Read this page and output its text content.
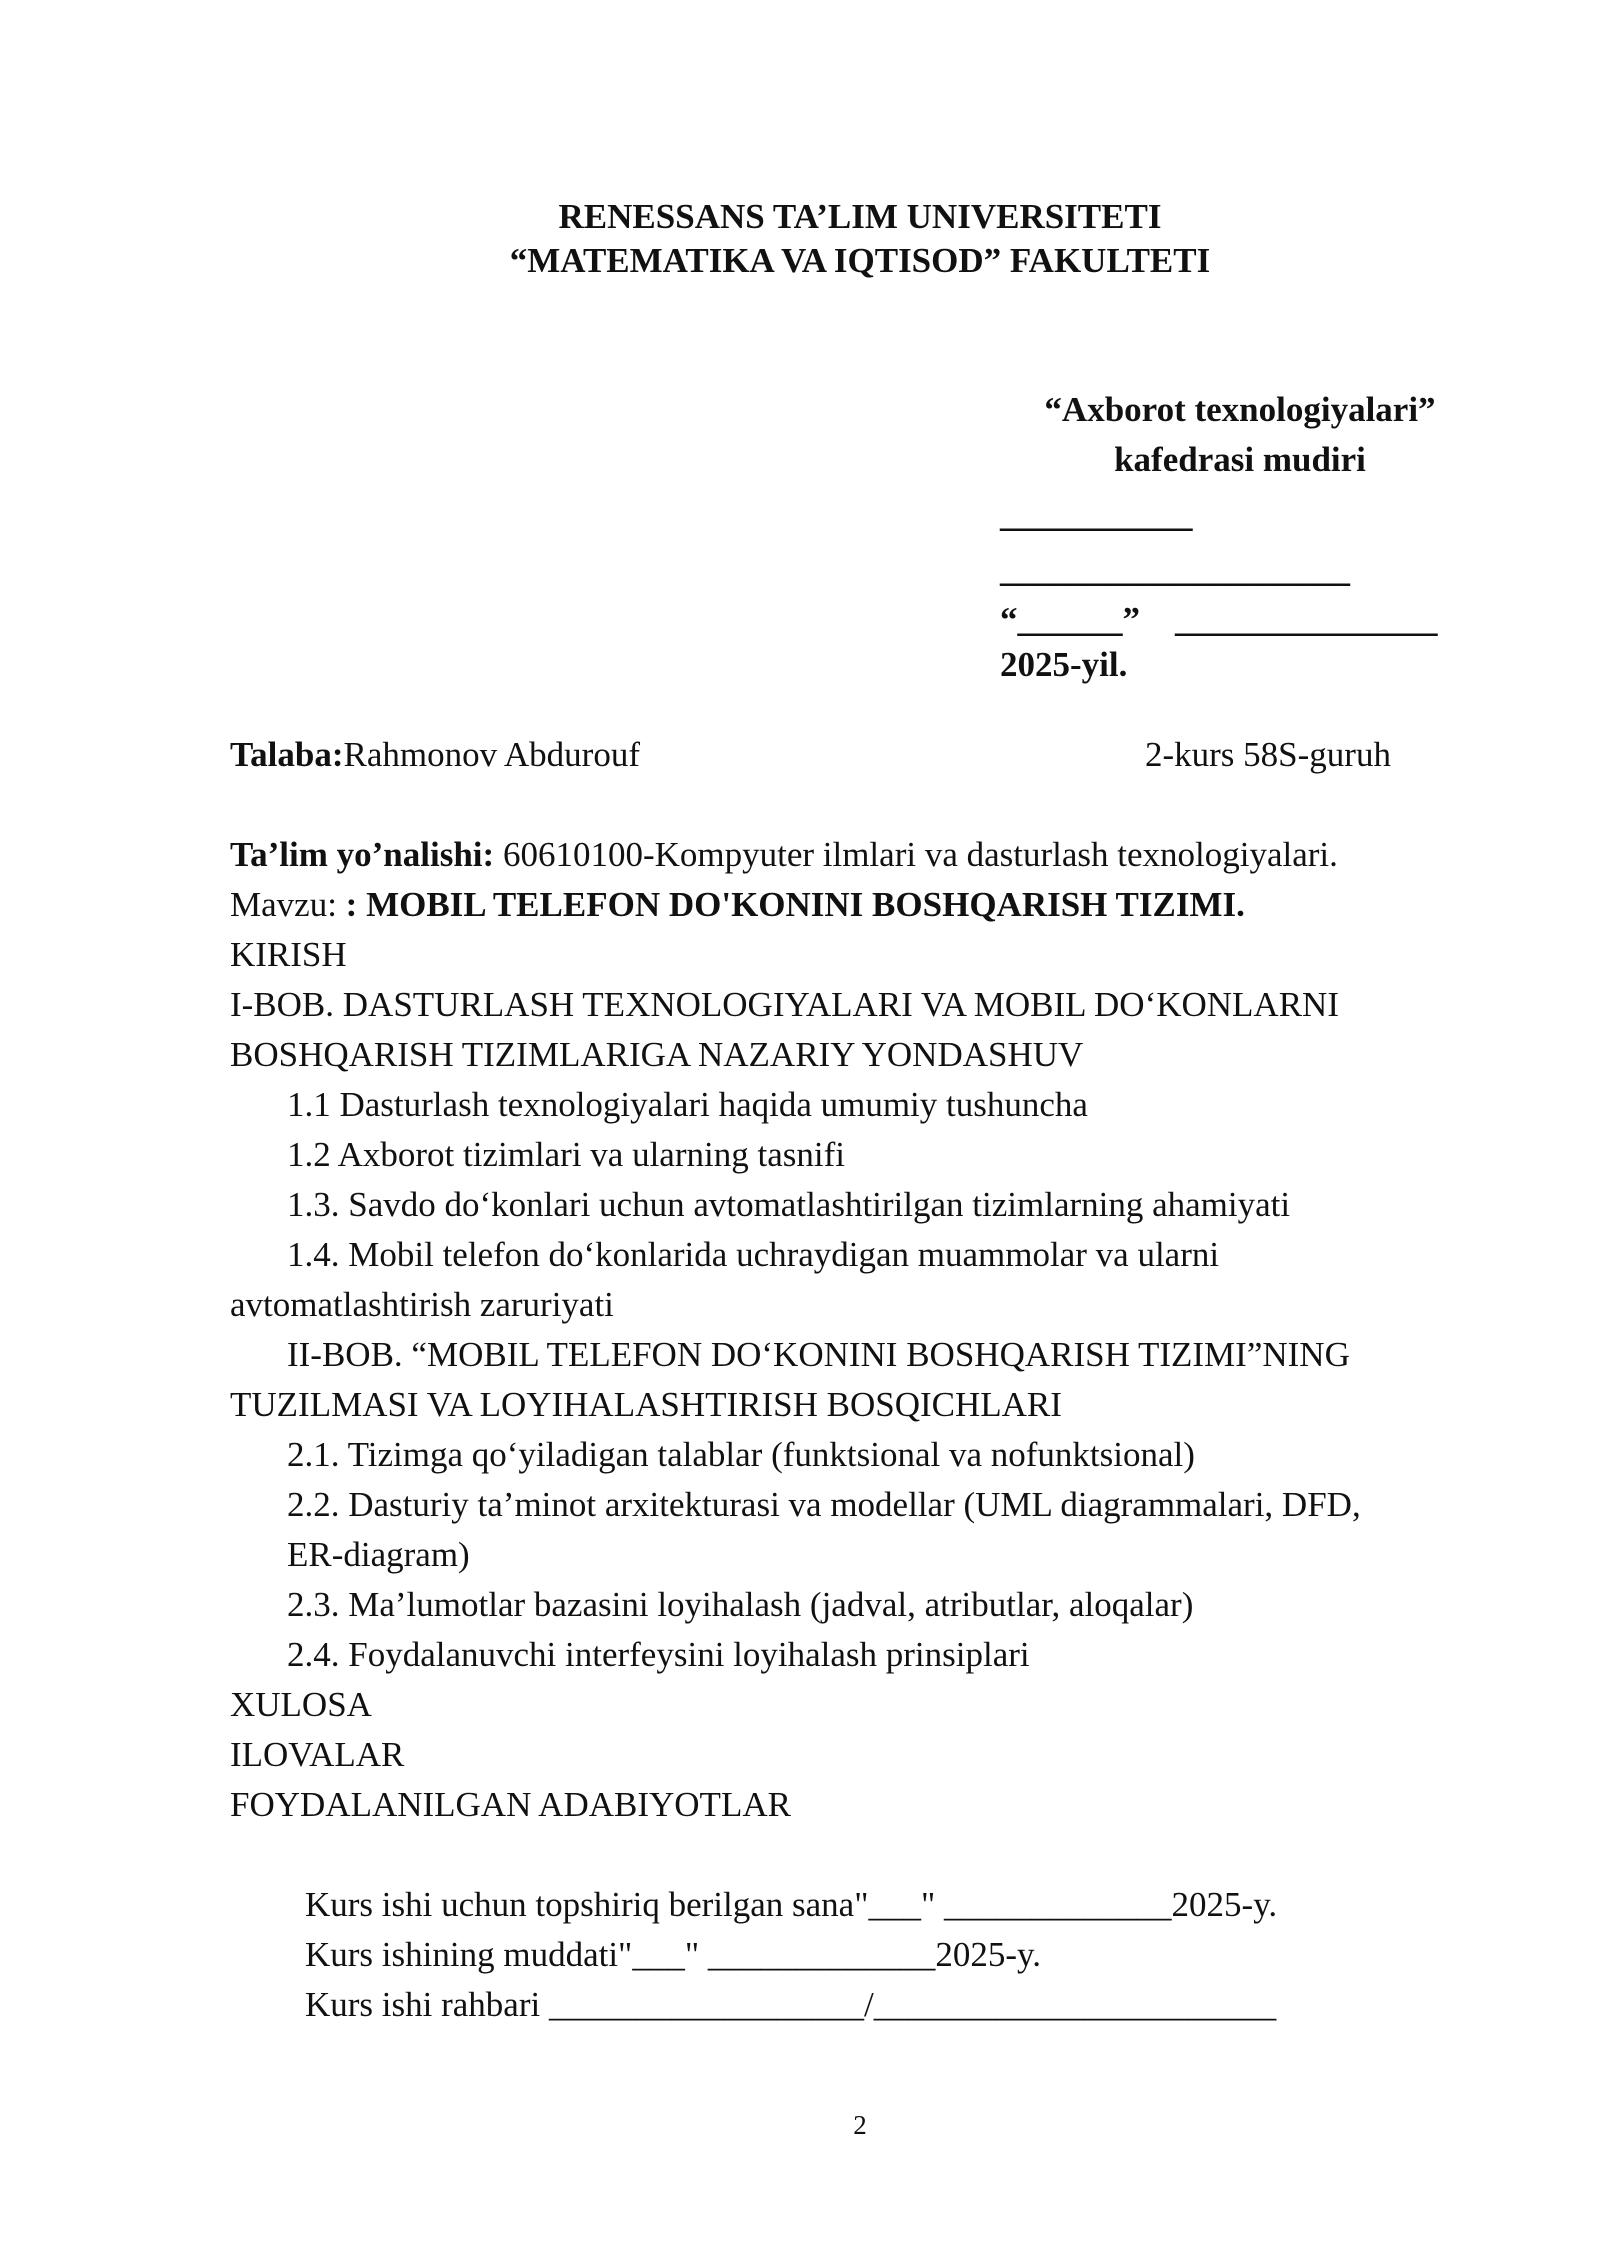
RENESSANS TA’LIM UNIVERSITETI
“MATEMATIKA VA IQTISOD” FAKULTETI
“Axborot texnologiyalari”
kafedrasi mudiri
___________
____________________
“______”    _______________
2025-yil.
Talaba:Rahmonov Abdurouf	2-kurs 58S-guruh
Ta’lim yo’nalishi: 60610100-Kompyuter ilmlari va dasturlash texnologiyalari.
Mavzu: : MOBIL TELEFON DO'KONINI BOSHQARISH TIZIMI.
KIRISH
I-BOB. DASTURLASH TEXNOLOGIYALARI VA MOBIL DO‘KONLARNI
BOSHQARISH TIZIMLARIGA NAZARIY YONDASHUV
1.1 Dasturlash texnologiyalari haqida umumiy tushuncha
1.2 Axborot tizimlari va ularning tasnifi
1.3. Savdo do‘konlari uchun avtomatlashtirilgan tizimlarning ahamiyati
1.4. Mobil telefon do‘konlarida uchraydigan muammolar va ularni
avtomatlashtirish zaruriyati
II-BOB. “MOBIL TELEFON DO‘KONINI BOSHQARISH TIZIMI”NING
TUZILMASI VA LOYIHALASHTIRISH BOSQICHLARI
2.1. Tizimga qo‘yiladigan talablar (funktsional va nofunktsional)
2.2. Dasturiy ta’minot arxitekturasi va modellar (UML diagrammalari, DFD,
ER-diagram)
2.3. Ma’lumotlar bazasini loyihalash (jadval, atributlar, aloqalar)
2.4. Foydalanuvchi interfeysini loyihalash prinsiplari
XULOSA
ILOVALAR
FOYDALANILGAN ADABIYOTLAR
Kurs ishi uchun topshiriq berilgan sana"___" _____________2025-y.
Kurs ishining muddati"___" _____________2025-y.
Kurs ishi rahbari __________________/_______________________
2
